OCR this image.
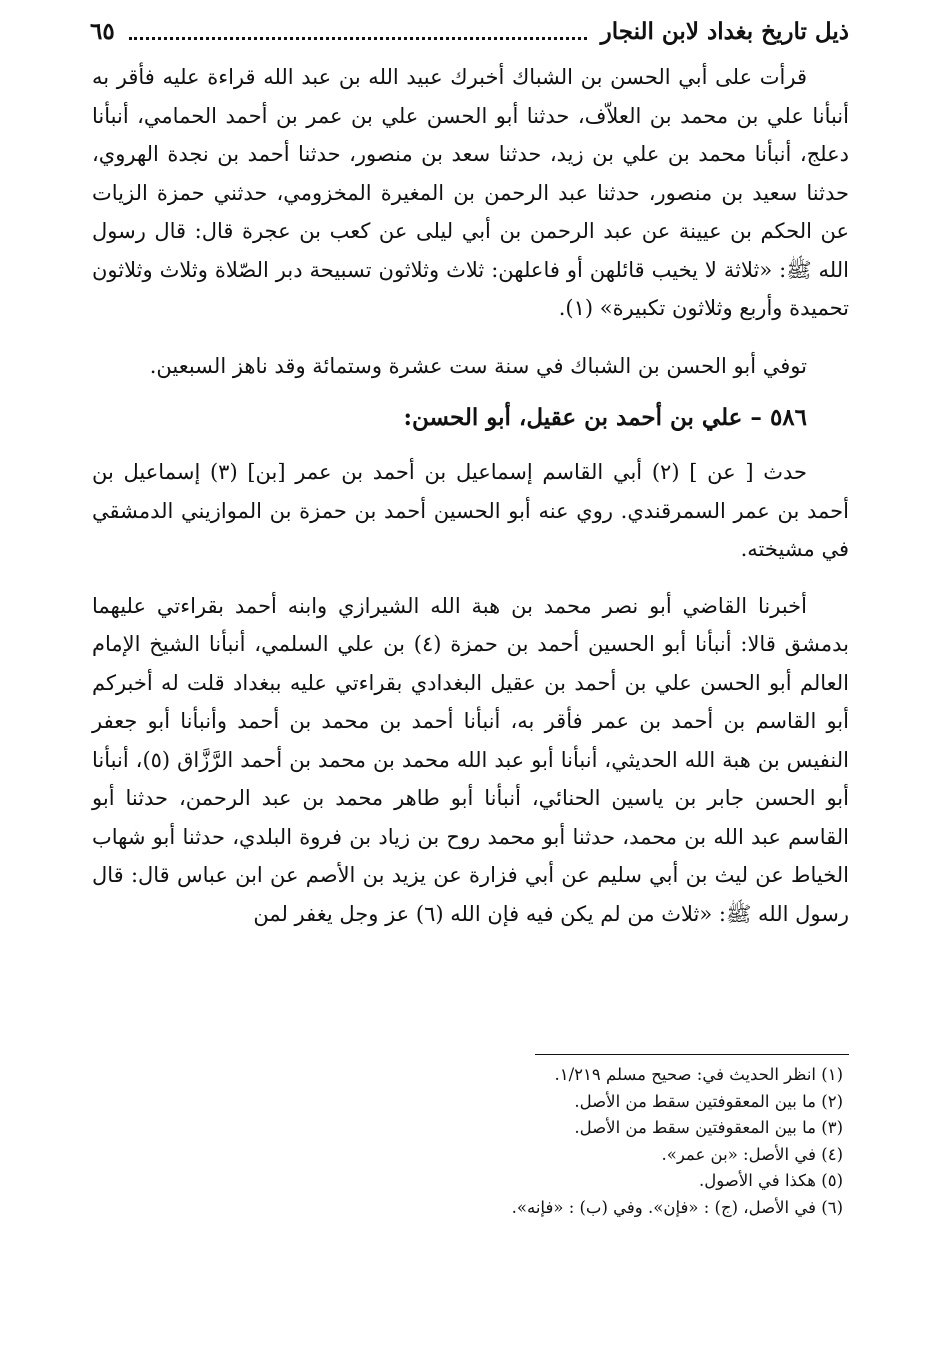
ذيل تاريخ بغداد لابن النجار
٦٥

قرأت على أبي الحسن بن الشباك أخبرك عبيد الله بن عبد الله قراءة عليه فأقر به أنبأنا علي بن محمد بن العلاّف، حدثنا أبو الحسن علي بن عمر بن أحمد الحمامي، أنبأنا دعلج، أنبأنا محمد بن علي بن زيد، حدثنا سعد بن منصور، حدثنا أحمد بن نجدة الهروي، حدثنا سعيد بن منصور، حدثنا عبد الرحمن بن المغيرة المخزومي، حدثني حمزة الزيات عن الحكم بن عيينة عن عبد الرحمن بن أبي ليلى عن كعب بن عجرة قال: قال رسول الله ﷺ: «ثلاثة لا يخيب قائلهن أو فاعلهن: ثلاث وثلاثون تسبيحة دبر الصّلاة وثلاث وثلاثون تحميدة وأربع وثلاثون تكبيرة» (١).

توفي أبو الحسن بن الشباك في سنة ست عشرة وستمائة وقد ناهز السبعين.

٥٨٦ – علي بن أحمد بن عقيل، أبو الحسن:

حدث [ عن ] (٢) أبي القاسم إسماعيل بن أحمد بن عمر [بن] (٣) إسماعيل بن أحمد بن عمر السمرقندي. روي عنه أبو الحسين أحمد بن حمزة بن الموازيني الدمشقي في مشيخته.

أخبرنا القاضي أبو نصر محمد بن هبة الله الشيرازي وابنه أحمد بقراءتي عليهما بدمشق قالا: أنبأنا أبو الحسين أحمد بن حمزة (٤) بن علي السلمي، أنبأنا الشيخ الإمام العالم أبو الحسن علي بن أحمد بن عقيل البغدادي بقراءتي عليه ببغداد قلت له أخبركم أبو القاسم بن أحمد بن عمر فأقر به، أنبأنا أحمد بن محمد بن أحمد وأنبأنا أبو جعفر النفيس بن هبة الله الحديثي، أنبأنا أبو عبد الله محمد بن محمد بن أحمد الرَّزَّاق (٥)، أنبأنا أبو الحسن جابر بن ياسين الحنائي، أنبأنا أبو طاهر محمد بن عبد الرحمن، حدثنا أبو القاسم عبد الله بن محمد، حدثنا أبو محمد روح بن زياد بن فروة البلدي، حدثنا أبو شهاب الخياط عن ليث بن أبي سليم عن أبي فزارة عن يزيد بن الأصم عن ابن عباس قال: قال رسول الله ﷺ: «ثلاث من لم يكن فيه فإن الله (٦) عز وجل يغفر لمن

(١) انظر الحديث في: صحيح مسلم ١/٢١٩.
(٢) ما بين المعقوفتين سقط من الأصل.
(٣) ما بين المعقوفتين سقط من الأصل.
(٤) في الأصل: «بن عمر».
(٥) هكذا في الأصول.
(٦) في الأصل، (ج) : «فإن». وفي (ب) : «فإنه».
